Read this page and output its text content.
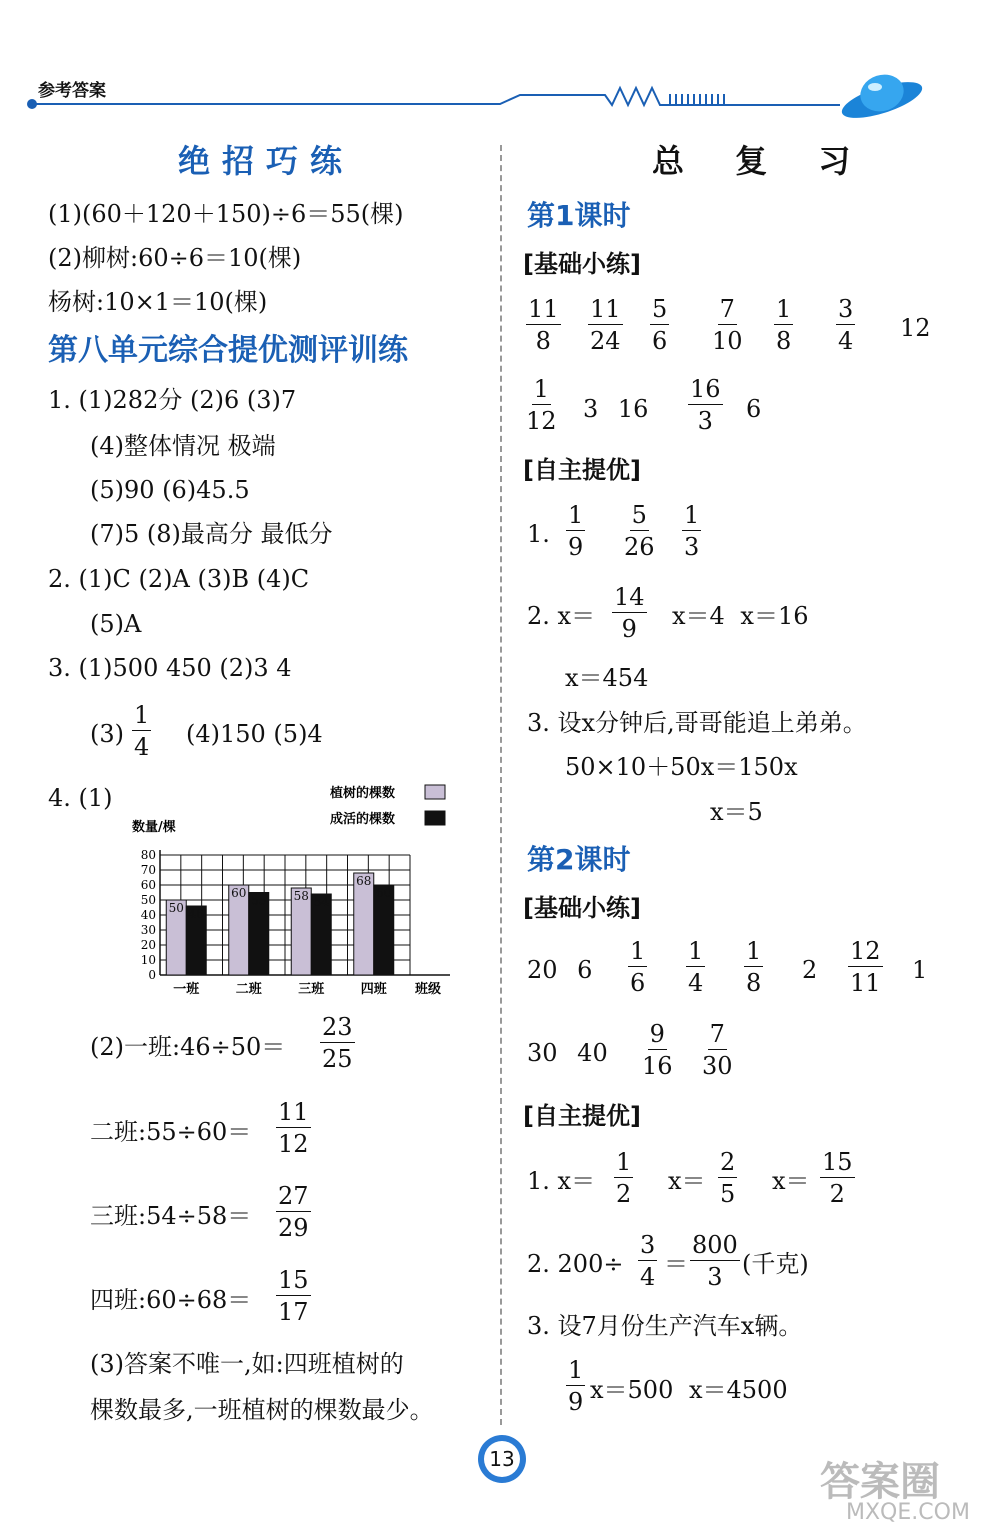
参考答案
绝招巧练
(1)(60＋120＋150)÷6＝55(棵)
(2)柳树:60÷6＝10(棵)
杨树:10×1＝10(棵)
第八单元综合提优测评训练
1. (1)282分 (2)6 (3)7
(4)整体情况 极端
(5)90 (6)45.5
(7)5 (8)最高分 最低分
2. (1)C (2)A (3)B (4)C
(5)A
3. (1)500 450 (2)3 4
$(3) \frac{1}{4} (4)150$ (5)4
4. (1)
0
10
20
30
40
50
60
70
80
数量/棵
班级
植树的棵数
成活的棵数
50 46
一班
60
55
二班
58 54
三班
68
60
四班
(2)一班:46÷50＝ $\frac{23}{25}$
二班:55÷60＝ $\frac{11}{12}$
三班:54÷58＝ $\frac{27}{29}$
四班:60÷68＝ $\frac{15}{17}$
(3)答案不唯一,如:四班植树的
棵数最多,一班植树的棵数最少。
总 复 习
第1课时
[基础小练]
$\frac{11}{8} \frac{11}{24} \frac{5}{6} \frac{7}{10} \frac{1}{8} \frac{3}{4} 12$
$\frac{1}{12} 3$ $16 \frac{16}{3} 6$
[自主提优]
1. $\frac{1}{9} \frac{5}{26} \frac{1}{3}$
2. $x= \frac{14}{9} x=4$ x＝16
x＝454
3. 设x分钟后,哥哥能追上弟弟。
50×10＋50x＝150x
x＝5
第2课时
[基础小练]
20 $6 \frac{1}{6} \frac{1}{4} \frac{1}{8} 2 \frac{12}{11} 1$
30 $40 \frac{9}{16} \frac{7}{30}$
[自主提优]
1. $x= \frac{1}{2} x= \frac{2}{5} x= \frac{15}{2}$
2. $200\div \frac{3}{4} = \frac{800}{3}$ (千克)
3. 设7月份生产汽车x辆。
$\frac{1}{9} x=500$ x＝4500
13	答案圈
MXQE.COM
